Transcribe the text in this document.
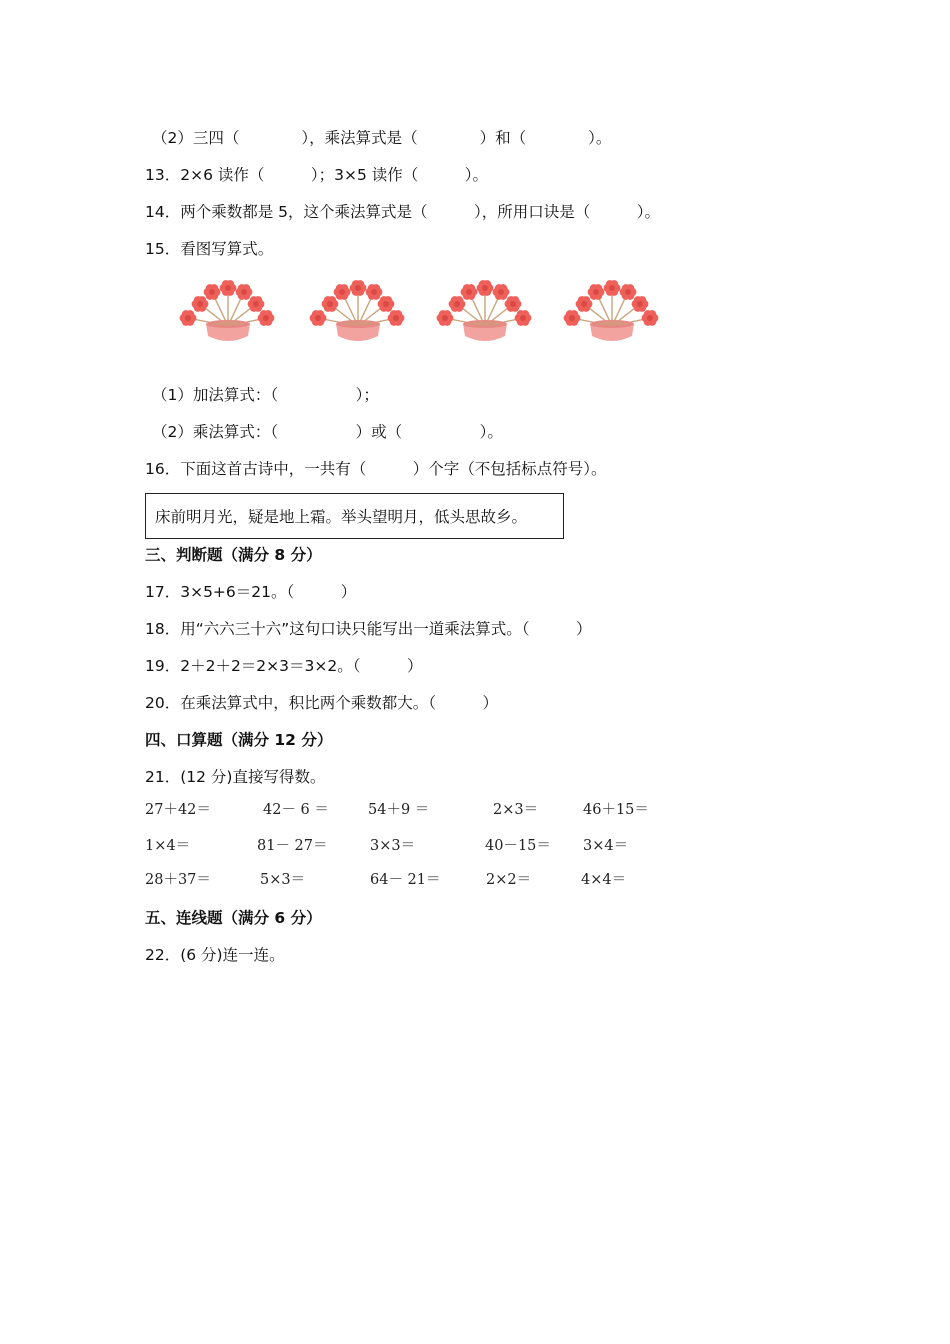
（2）三四（　　　　），乘法算式是（　　　　）和（　　　　）。
13．2×6 读作（　　　）；3×5 读作（　　　）。
14．两个乘数都是 5，这个乘法算式是（　　　），所用口诀是（　　　）。
15．看图写算式。
（1）加法算式：（　　　　　）；
（2）乘法算式：（　　　　　）或（　　　　　）。
16．下面这首古诗中，一共有（　　　）个字（不包括标点符号）。
床前明月光，疑是地上霜。举头望明月，低头思故乡。
三、判断题（满分 8 分）
17．3×5+6＝21。（　　　）
18．用“六六三十六”这句口诀只能写出一道乘法算式。（　　　）
19．2＋2＋2＝2×3＝3×2。（　　　）
20．在乘法算式中，积比两个乘数都大。（　　　）
四、口算题（满分 12 分）
21．(12 分)直接写得数。
27＋42＝	42－ 6 ＝	54＋9 ＝	2×3＝	46＋15＝
1×4＝	81－ 27＝	3×3＝	40－15＝ 3×4＝
28＋37＝	5×3＝	64－ 21＝	2×2＝	4×4＝
五、连线题（满分 6 分）
22．(6 分)连一连。
